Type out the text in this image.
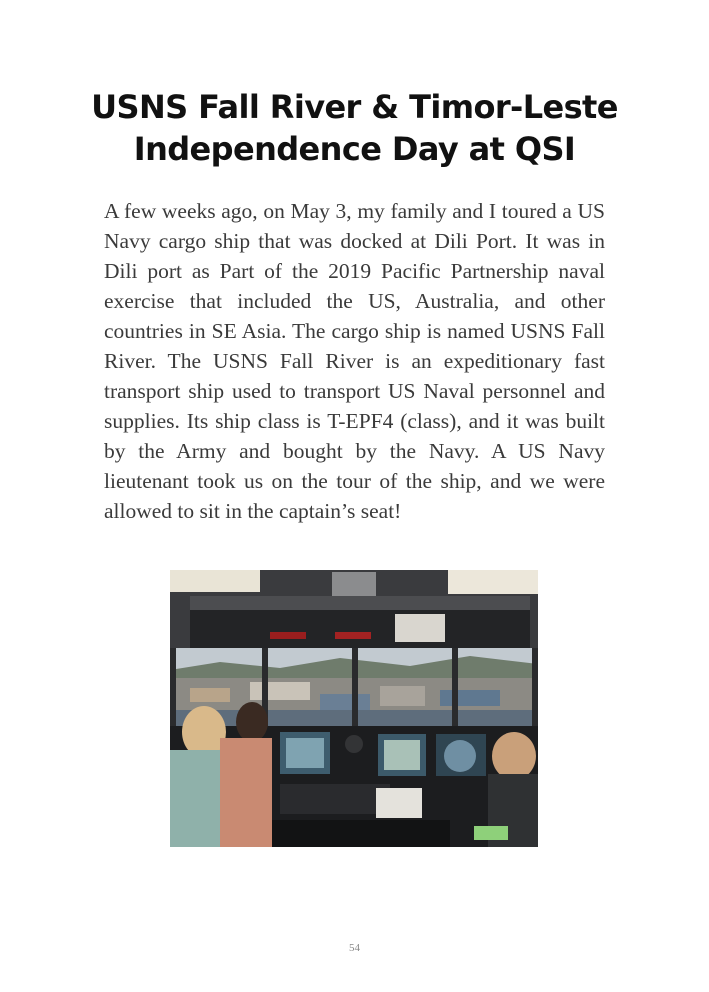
USNS Fall River & Timor-Leste
Independence Day at QSI

A few weeks ago, on May 3, my family and I toured a US Navy cargo ship that was docked at Dili Port. It was in Dili port as Part of the 2019 Pacific Partnership naval exercise that included the US, Australia, and other countries in SE Asia. The cargo ship is named USNS Fall River. The USNS Fall River is an expeditionary fast transport ship used to transport US Naval personnel and supplies. Its ship class is T-EPF4 (class), and it was built by the Army and bought by the Navy. A US Navy lieutenant took us on the tour of the ship, and we were allowed to sit in the captain’s seat!

54
